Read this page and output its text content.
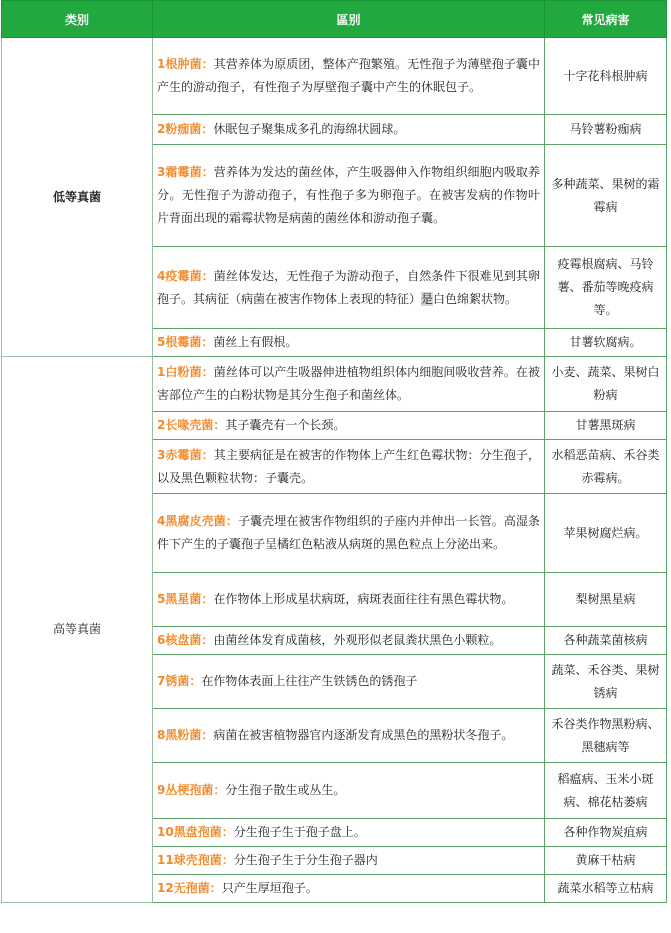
类别	區别	常见病害
低等真菌	1根肿菌：其营养体为原质团，整体产孢繁殖。无性孢子为薄壁孢子囊中产生的游动孢子，有性孢子为厚壁孢子囊中产生的休眠包子。	十字花科根肿病
	2粉痂菌：休眠包子聚集成多孔的海绵状圆球。	马铃薯粉痂病
	3霜霉菌：营养体为发达的菌丝体，产生吸器伸入作物组织细胞内吸取养分。无性孢子为游动孢子，有性孢子多为卵孢子。在被害发病的作物叶片背面出现的霜霉状物是病菌的菌丝体和游动孢子囊。	多种蔬菜、果树的霜霉病
	4疫霉菌：菌丝体发达，无性孢子为游动孢子，自然条件下很难见到其卵孢子。其病征（病菌在被害作物体上表现的特征）是白色绵絮状物。	疫霉根腐病、马铃薯、番茄等晚疫病等。
	5根霉菌：菌丝上有假根。	甘薯软腐病。
高等真菌	1白粉菌：菌丝体可以产生吸器伸进植物组织体内细胞间吸收营养。在被害部位产生的白粉状物是其分生孢子和菌丝体。	小麦、蔬菜、果树白粉病
	2长喙壳菌：其子囊壳有一个长颈。	甘薯黑斑病
	3赤霉菌：其主要病征是在被害的作物体上产生红色霉状物：分生孢子，以及黑色颗粒状物：子囊壳。	水稻恶苗病、禾谷类赤霉病。
	4黑腐皮壳菌：子囊壳埋在被害作物组织的子座内并伸出一长管。高湿条件下产生的子囊孢子呈橘红色粘液从病斑的黑色粒点上分泌出来。	苹果树腐烂病。
	5黑星菌：在作物体上形成星状病斑，病斑表面往往有黑色霉状物。	梨树黑星病
	6核盘菌：由菌丝体发育成菌核，外观形似老鼠粪状黑色小颗粒。	各种蔬菜菌核病
	7锈菌：在作物体表面上往往产生铁锈色的锈孢子	蔬菜、禾谷类、果树锈病
	8黑粉菌：病菌在被害植物器官内逐渐发育成黑色的黑粉状冬孢子。	禾谷类作物黑粉病、黑穗病等
	9丛梗孢菌：分生孢子散生或丛生。	稻瘟病、玉米小斑病、棉花枯萎病
	10黑盘孢菌：分生孢子生于孢子盘上。	各种作物炭疽病
	11球壳孢菌：分生孢子生于分生孢子器内	黄麻干枯病
	12无孢菌：只产生厚垣孢子。	蔬菜水稻等立枯病
